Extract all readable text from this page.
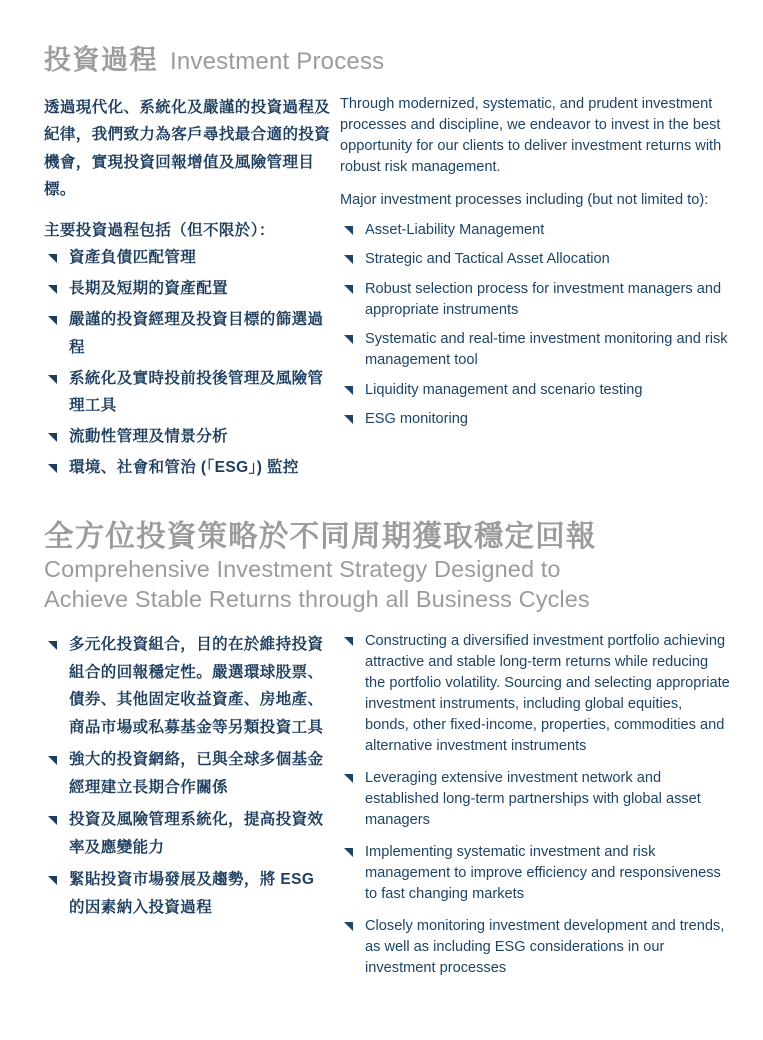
投資過程 Investment Process

透過現代化、系統化及嚴謹的投資過程及紀律，我們致力為客戶尋找最合適的投資機會，實現投資回報增值及風險管理目標。

主要投資過程包括（但不限於）：

資產負債匹配管理
長期及短期的資產配置
嚴謹的投資經理及投資目標的篩選過程
系統化及實時投前投後管理及風險管理工具
流動性管理及情景分析
環境、社會和管治 (「ESG」) 監控

Through modernized, systematic, and prudent investment processes and discipline, we endeavor to invest in the best opportunity for our clients to deliver investment returns with robust risk management.

Major investment processes including (but not limited to):

Asset-Liability Management
Strategic and Tactical Asset Allocation
Robust selection process for investment managers and appropriate instruments
Systematic and real-time investment monitoring and risk management tool
Liquidity management and scenario testing
ESG monitoring
全方位投資策略於不同周期獲取穩定回報
Comprehensive Investment Strategy Designed to
Achieve Stable Returns through all Business Cycles
多元化投資組合，目的在於維持投資組合的回報穩定性。嚴選環球股票、債券、其他固定收益資產、房地產、商品市場或私募基金等另類投資工具
強大的投資網絡，已與全球多個基金經理建立長期合作關係
投資及風險管理系統化，提高投資效率及應變能力
緊貼投資市場發展及趨勢，將 ESG 的因素納入投資過程
Constructing a diversified investment portfolio achieving attractive and stable long-term returns while reducing the portfolio volatility. Sourcing and selecting appropriate investment instruments, including global equities, bonds, other fixed-income, properties, commodities and alternative investment instruments
Leveraging extensive investment network and established long-term partnerships with global asset managers
Implementing systematic investment and risk management to improve efficiency and responsiveness to fast changing markets
Closely monitoring investment development and trends, as well as including ESG considerations in our investment processes
